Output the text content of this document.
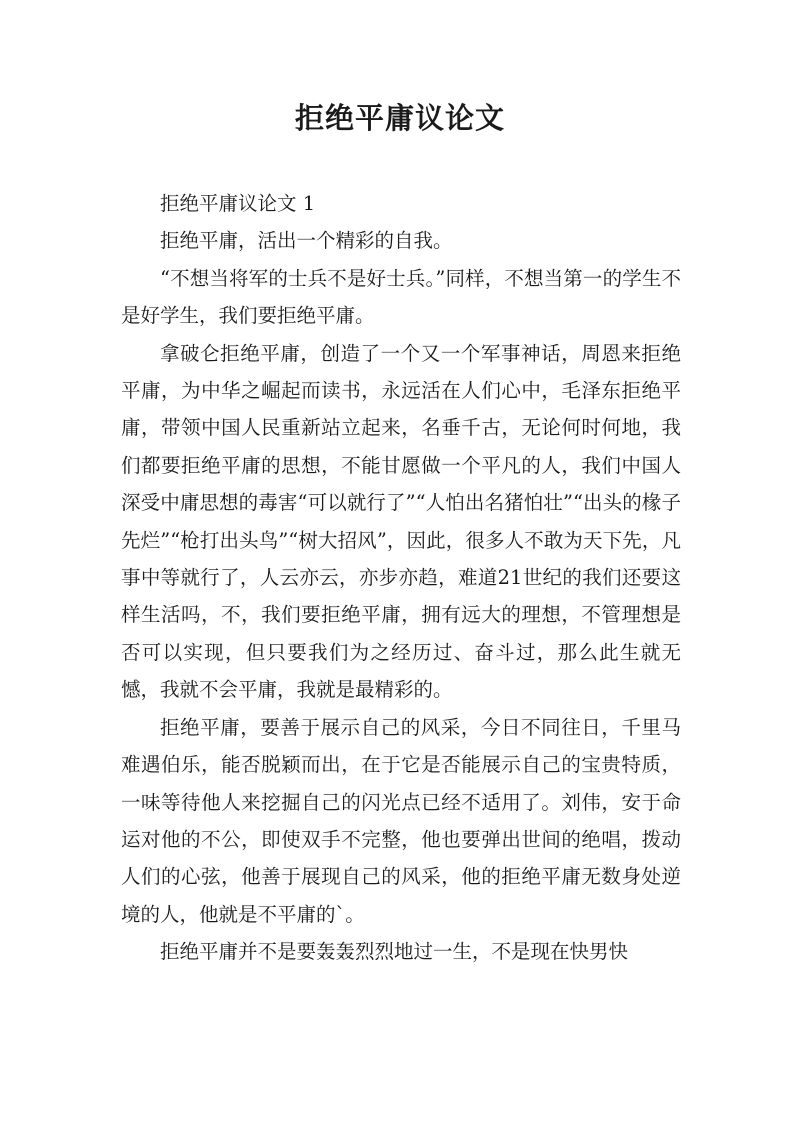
拒绝平庸议论文

拒绝平庸议论文 1

拒绝平庸，活出一个精彩的自我。

“不想当将军的士兵不是好士兵。”同样，不想当第一的学生不是好学生，我们要拒绝平庸。

拿破仑拒绝平庸，创造了一个又一个军事神话，周恩来拒绝平庸，为中华之崛起而读书，永远活在人们心中，毛泽东拒绝平庸，带领中国人民重新站立起来，名垂千古，无论何时何地，我们都要拒绝平庸的思想，不能甘愿做一个平凡的人，我们中国人深受中庸思想的毒害“可以就行了”“人怕出名猪怕壮”“出头的椽子先烂”“枪打出头鸟”“树大招风”，因此，很多人不敢为天下先，凡事中等就行了，人云亦云，亦步亦趋，难道21世纪的我们还要这样生活吗，不，我们要拒绝平庸，拥有远大的理想，不管理想是否可以实现，但只要我们为之经历过、奋斗过，那么此生就无憾，我就不会平庸，我就是最精彩的。

拒绝平庸，要善于展示自己的风采，今日不同往日，千里马难遇伯乐，能否脱颖而出，在于它是否能展示自己的宝贵特质，一味等待他人来挖掘自己的闪光点已经不适用了。刘伟，安于命运对他的不公，即使双手不完整，他也要弹出世间的绝唱，拨动人们的心弦，他善于展现自己的风采，他的拒绝平庸无数身处逆境的人，他就是不平庸的`。

拒绝平庸并不是要轰轰烈烈地过一生，不是现在快男快
